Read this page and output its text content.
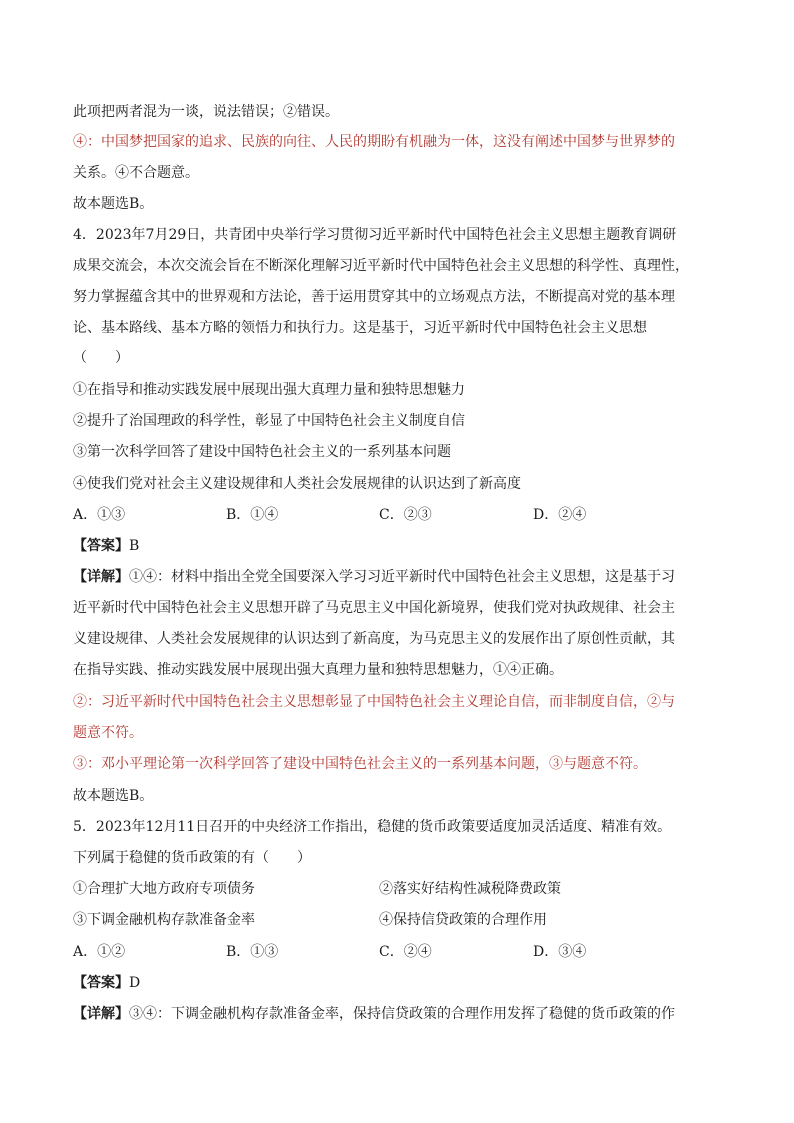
此项把两者混为一谈，说法错误；②错误。
④：中国梦把国家的追求、民族的向往、人民的期盼有机融为一体，这没有阐述中国梦与世界梦的
关系。④不合题意。
故本题选B。
4．2023年7月29日，共青团中央举行学习贯彻习近平新时代中国特色社会主义思想主题教育调研
成果交流会，本次交流会旨在不断深化理解习近平新时代中国特色社会主义思想的科学性、真理性，
努力掌握蕴含其中的世界观和方法论，善于运用贯穿其中的立场观点方法，不断提高对党的基本理
论、基本路线、基本方略的领悟力和执行力。这是基于，习近平新时代中国特色社会主义思想
（　　）
①在指导和推动实践发展中展现出强大真理力量和独特思想魅力
②提升了治国理政的科学性，彰显了中国特色社会主义制度自信
③第一次科学回答了建设中国特色社会主义的一系列基本问题
④使我们党对社会主义建设规律和人类社会发展规律的认识达到了新高度
A．①③	B．①④	C．②③	D．②④
【答案】B
【详解】①④：材料中指出全党全国要深入学习习近平新时代中国特色社会主义思想，这是基于习
近平新时代中国特色社会主义思想开辟了马克思主义中国化新境界，使我们党对执政规律、社会主
义建设规律、人类社会发展规律的认识达到了新高度，为马克思主义的发展作出了原创性贡献，其
在指导实践、推动实践发展中展现出强大真理力量和独特思想魅力，①④正确。
②：习近平新时代中国特色社会主义思想彰显了中国特色社会主义理论自信，而非制度自信，②与
题意不符。
③：邓小平理论第一次科学回答了建设中国特色社会主义的一系列基本问题，③与题意不符。
故本题选B。
5．2023年12月11日召开的中央经济工作指出，稳健的货币政策要适度加灵活适度、精准有效。
下列属于稳健的货币政策的有（　　）
①合理扩大地方政府专项债务	②落实好结构性减税降费政策
③下调金融机构存款准备金率	④保持信贷政策的合理作用
A．①②	B．①③	C．②④	D．③④
【答案】D
【详解】③④：下调金融机构存款准备金率，保持信贷政策的合理作用发挥了稳健的货币政策的作
